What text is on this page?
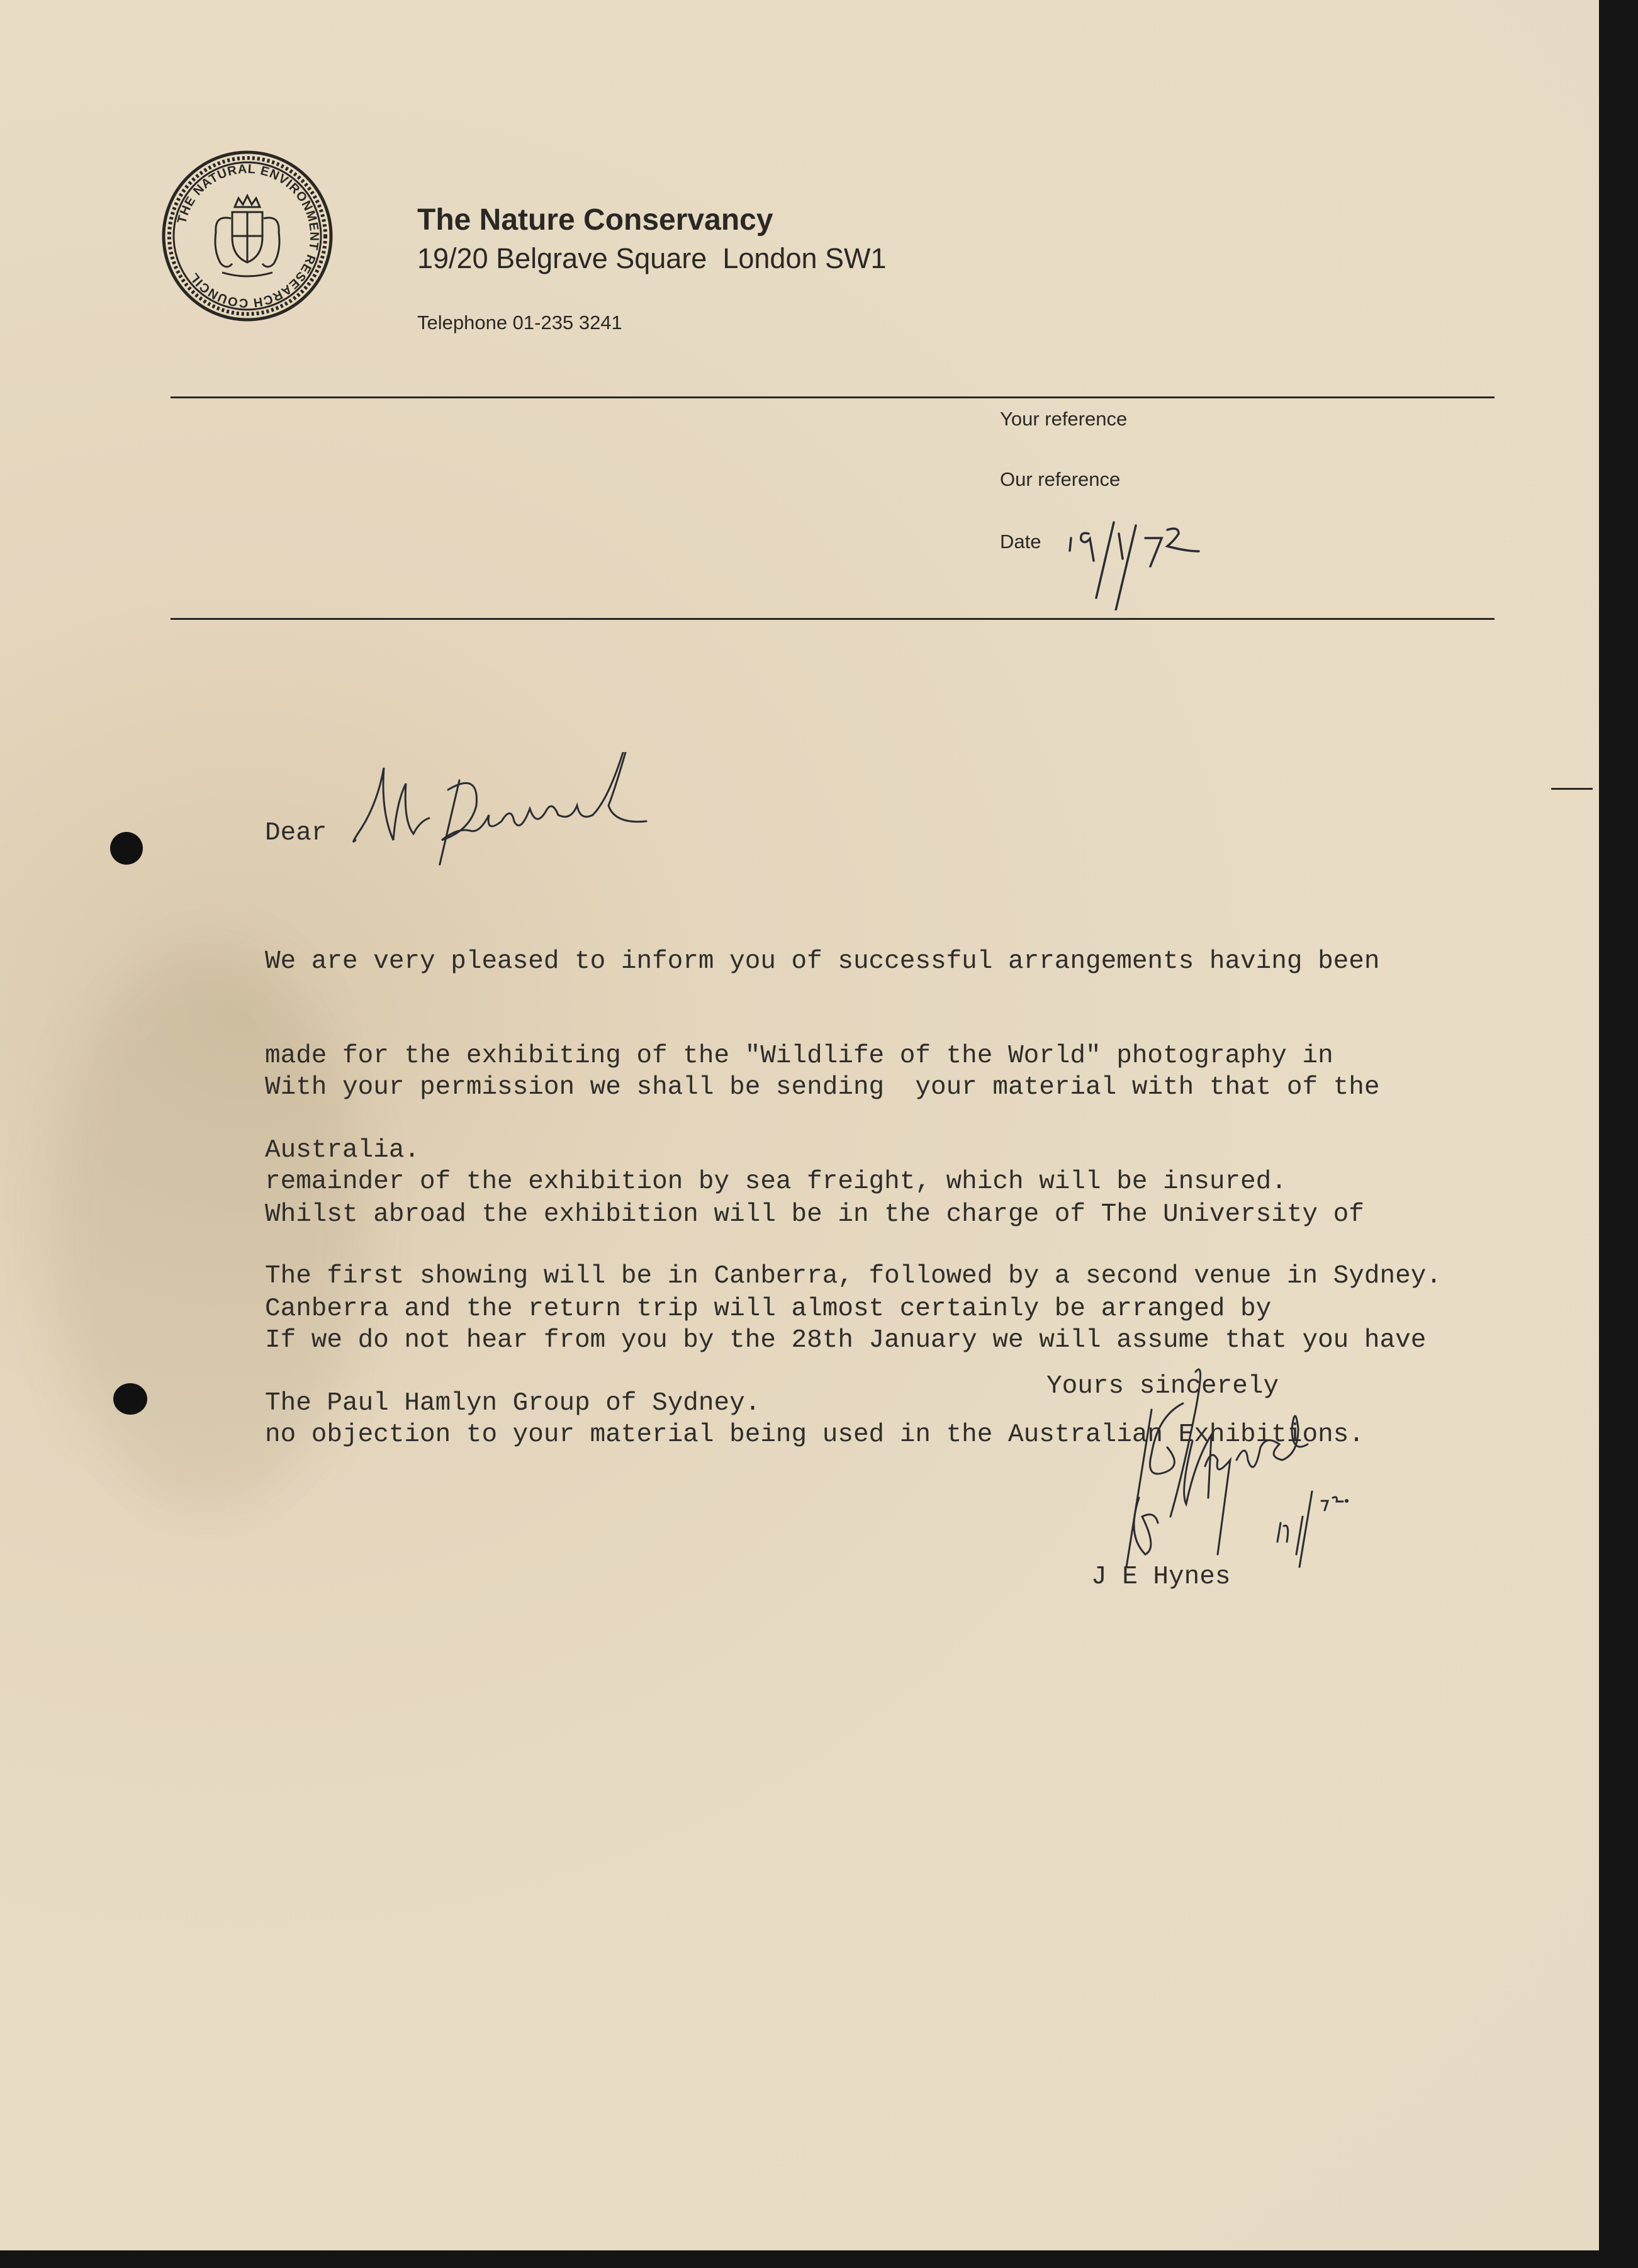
THE NATURAL ENVIRONMENT RESEARCH COUNCIL
The Nature Conservancy
19/20 Belgrave Square  London SW1
Telephone 01-235 3241
Your reference
Our reference
Date
Dear

We are very pleased to inform you of successful arrangements having been

made for the exhibiting of the "Wildlife of the World" photography in

Australia.

With your permission we shall be sending  your material with that of the

remainder of the exhibition by sea freight, which will be insured.

The first showing will be in Canberra, followed by a second venue in Sydney.

Whilst abroad the exhibition will be in the charge of The University of

Canberra and the return trip will almost certainly be arranged by

The Paul Hamlyn Group of Sydney.

If we do not hear from you by the 28th January we will assume that you have

no objection to your material being used in the Australian Exhibitions.

Yours sincerely
J E Hynes
